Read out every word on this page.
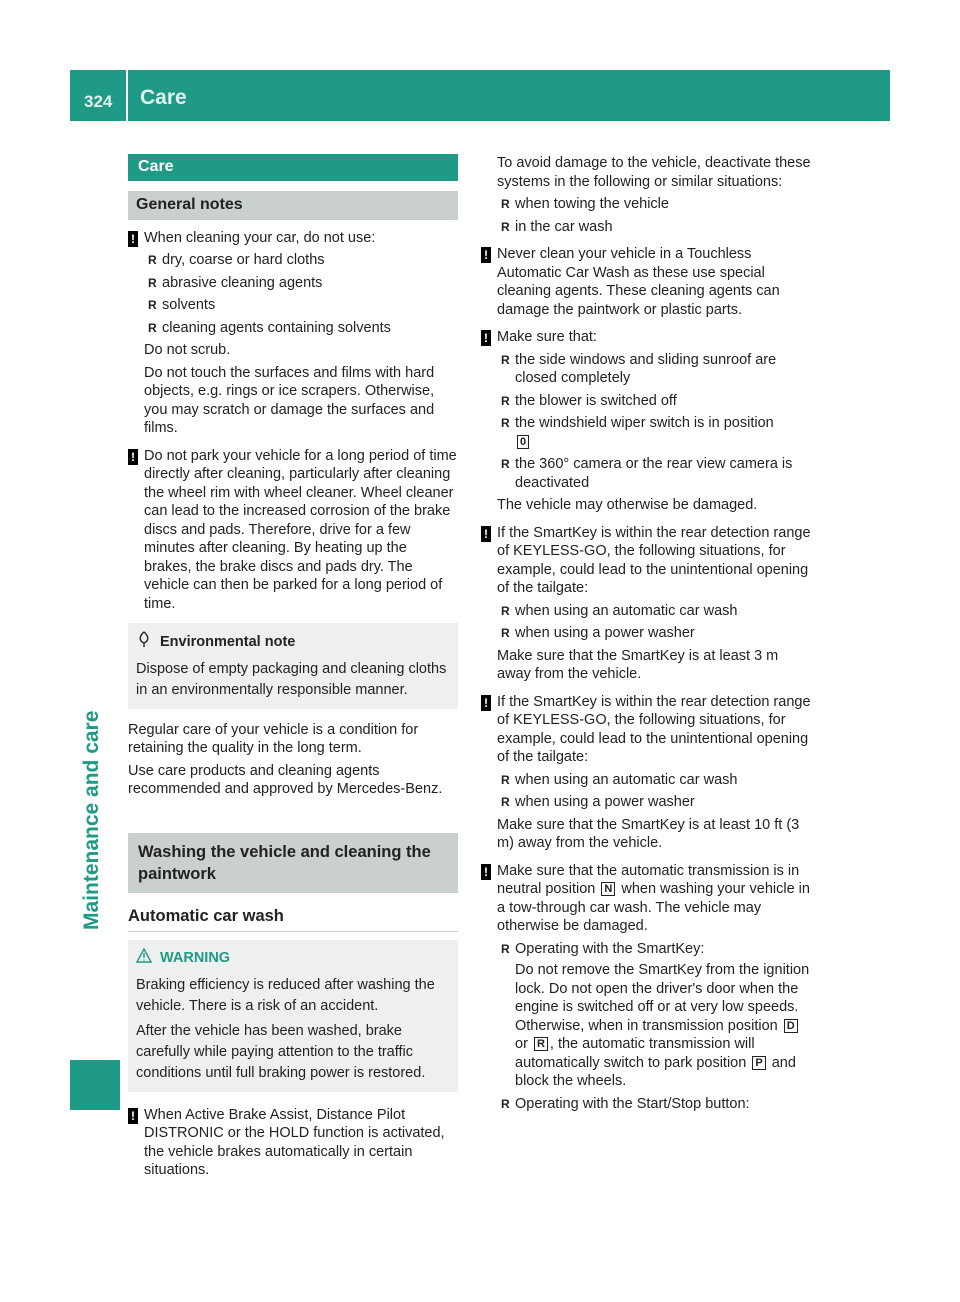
324 Care
Maintenance and care
Care
General notes
! When cleaning your car, do not use:

R dry, coarse or hard cloths
R abrasive cleaning agents
R solvents
R cleaning agents containing solvents

Do not scrub.

Do not touch the surfaces and films with hard objects, e.g. rings or ice scrapers. Otherwise, you may scratch or damage the surfaces and films.

! Do not park your vehicle for a long period of time directly after cleaning, particularly after cleaning the wheel rim with wheel cleaner. Wheel cleaner can lead to the increased corrosion of the brake discs and pads. Therefore, drive for a few minutes after cleaning. By heating up the brakes, the brake discs and pads dry. The vehicle can then be parked for a long period of time.

Environmental note

Dispose of empty packaging and cleaning cloths in an environmentally responsible manner.

Regular care of your vehicle is a condition for retaining the quality in the long term.

Use care products and cleaning agents recommended and approved by Mercedes-Benz.

Washing the vehicle and cleaning the paintwork
Automatic car wash
WARNING

Braking efficiency is reduced after washing the vehicle. There is a risk of an accident.

After the vehicle has been washed, brake carefully while paying attention to the traffic conditions until full braking power is restored.

! When Active Brake Assist, Distance Pilot DISTRONIC or the HOLD function is activated, the vehicle brakes automatically in certain situations.

To avoid damage to the vehicle, deactivate these systems in the following or similar situations:

R when towing the vehicle
R in the car wash
! Never clean your vehicle in a Touchless Automatic Car Wash as these use special cleaning agents. These cleaning agents can damage the paintwork or plastic parts.

! Make sure that:

R the side windows and sliding sunroof are closed completely
R the blower is switched off
R the windshield wiper switch is in position
0
R the 360° camera or the rear view camera is deactivated

The vehicle may otherwise be damaged.

! If the SmartKey is within the rear detection range of KEYLESS-GO, the following situations, for example, could lead to the unintentional opening of the tailgate:

R when using an automatic car wash
R when using a power washer

Make sure that the SmartKey is at least 3 m away from the vehicle.

! If the SmartKey is within the rear detection range of KEYLESS-GO, the following situations, for example, could lead to the unintentional opening of the tailgate:

R when using an automatic car wash
R when using a power washer

Make sure that the SmartKey is at least 10 ft (3 m) away from the vehicle.

! Make sure that the automatic transmission is in neutral position N when washing your vehicle in a tow-through car wash. The vehicle may otherwise be damaged.

R Operating with the SmartKey:

Do not remove the SmartKey from the ignition lock. Do not open the driver's door when the engine is switched off or at very low speeds. Otherwise, when in transmission position D or R , the automatic transmission will automatically switch to park position P and block the wheels.

R Operating with the Start/Stop button:
